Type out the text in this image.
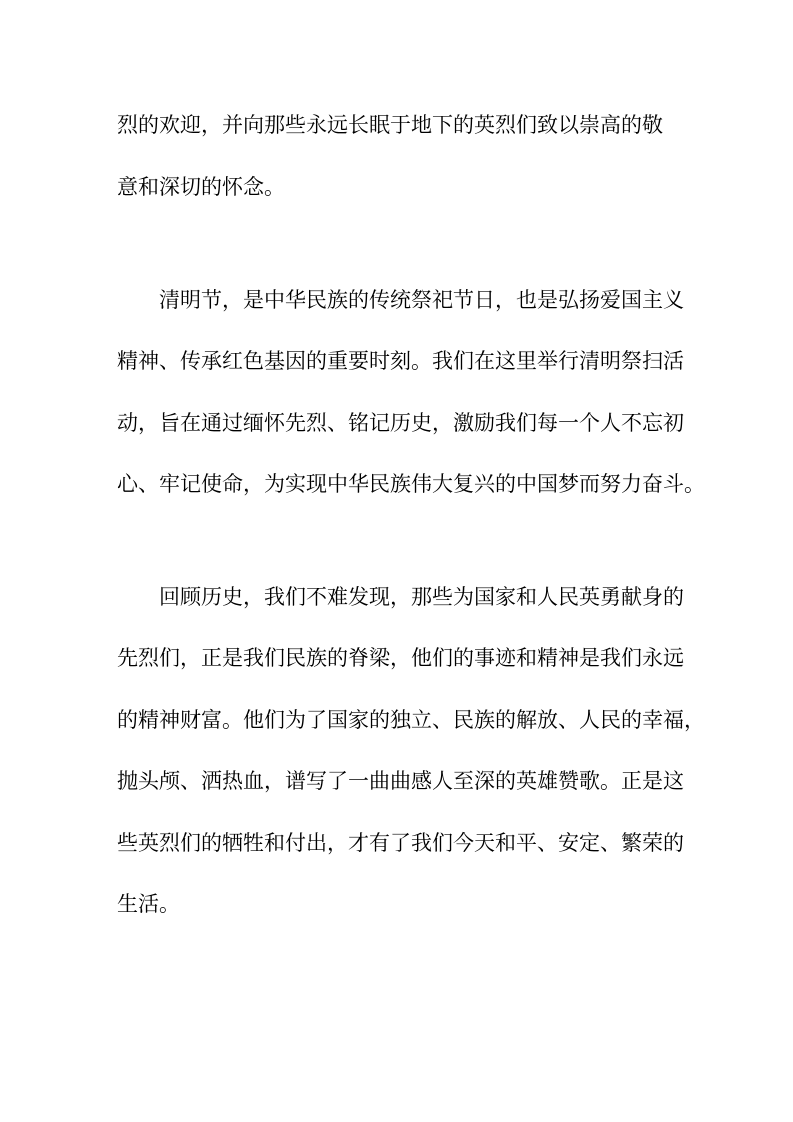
烈的欢迎，并向那些永远长眠于地下的英烈们致以崇高的敬
意和深切的怀念。
清明节，是中华民族的传统祭祀节日，也是弘扬爱国主义
精神、传承红色基因的重要时刻。我们在这里举行清明祭扫活
动，旨在通过缅怀先烈、铭记历史，激励我们每一个人不忘初
心、牢记使命，为实现中华民族伟大复兴的中国梦而努力奋斗。
回顾历史，我们不难发现，那些为国家和人民英勇献身的
先烈们，正是我们民族的脊梁，他们的事迹和精神是我们永远
的精神财富。他们为了国家的独立、民族的解放、人民的幸福，
抛头颅、洒热血，谱写了一曲曲感人至深的英雄赞歌。正是这
些英烈们的牺牲和付出，才有了我们今天和平、安定、繁荣的
生活。
